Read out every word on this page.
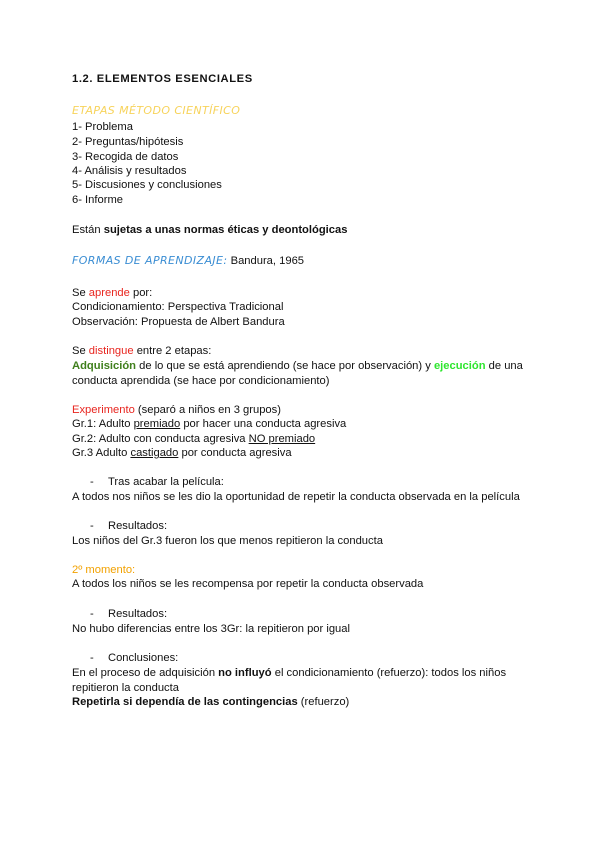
1.2. ELEMENTOS ESENCIALES
ETAPAS MÉTODO CIENTÍFICO
1- Problema
2- Preguntas/hipótesis
3- Recogida de datos
4- Análisis y resultados
5- Discusiones y conclusiones
6- Informe
Están sujetas a unas normas éticas y deontológicas
FORMAS DE APRENDIZAJE: Bandura, 1965
Se aprende por:
Condicionamiento: Perspectiva Tradicional
Observación: Propuesta de Albert Bandura
Se distingue entre 2 etapas:
Adquisición de lo que se está aprendiendo (se hace por observación) y ejecución de una
conducta aprendida (se hace por condicionamiento)
Experimento (separó a niños en 3 grupos)
Gr.1: Adulto premiado por hacer una conducta agresiva
Gr.2: Adulto con conducta agresiva NO premiado
Gr.3 Adulto castigado por conducta agresiva
- Tras acabar la película:
A todos nos niños se les dio la oportunidad de repetir la conducta observada en la película
- Resultados:
Los niños del Gr.3 fueron los que menos repitieron la conducta
2º momento:
A todos los niños se les recompensa por repetir la conducta observada
- Resultados:
No hubo diferencias entre los 3Gr: la repitieron por igual
- Conclusiones:
En el proceso de adquisición no influyó el condicionamiento (refuerzo): todos los niños
repitieron la conducta
Repetirla si dependía de las contingencias (refuerzo)
